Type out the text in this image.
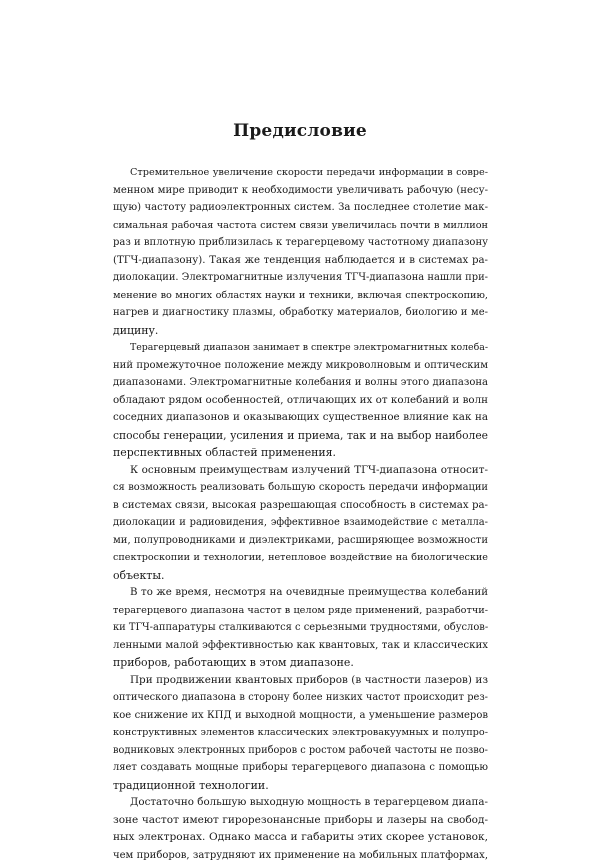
Предисловие
Стремительное увеличение скорости передачи информации в совре-
менном мире приводит к необходимости увеличивать рабочую (несу-
щую) частоту радиоэлектронных систем. За последнее столетие мак-
симальная рабочая частота систем связи увеличилась почти в миллион
раз и вплотную приблизилась к терагерцевому частотному диапазону
(ТГЧ-диапазону). Такая же тенденция наблюдается и в системах ра-
диолокации. Электромагнитные излучения ТГЧ-диапазона нашли при-
менение во многих областях науки и техники, включая спектроскопию,
нагрев и диагностику плазмы, обработку материалов, биологию и ме-
дицину.
Терагерцевый диапазон занимает в спектре электромагнитных колеба-
ний промежуточное положение между микроволновым и оптическим
диапазонами. Электромагнитные колебания и волны этого диапазона
обладают рядом особенностей, отличающих их от колебаний и волн
соседних диапазонов и оказывающих существенное влияние как на
способы генерации, усиления и приема, так и на выбор наиболее
перспективных областей применения.
К основным преимуществам излучений ТГЧ-диапазона относит-
ся возможность реализовать большую скорость передачи информации
в системах связи, высокая разрешающая способность в системах ра-
диолокации и радиовидения, эффективное взаимодействие с металла-
ми, полупроводниками и диэлектриками, расширяющее возможности
спектроскопии и технологии, нетепловое воздействие на биологические
объекты.
В то же время, несмотря на очевидные преимущества колебаний
терагерцевого диапазона частот в целом ряде применений, разработчи-
ки ТГЧ-аппаратуры сталкиваются с серьезными трудностями, обуслов-
ленными малой эффективностью как квантовых, так и классических
приборов, работающих в этом диапазоне.
При продвижении квантовых приборов (в частности лазеров) из
оптического диапазона в сторону более низких частот происходит рез-
кое снижение их КПД и выходной мощности, а уменьшение размеров
конструктивных элементов классических электровакуумных и полупро-
водниковых электронных приборов с ростом рабочей частоты не позво-
ляет создавать мощные приборы терагерцевого диапазона с помощью
традиционной технологии.
Достаточно большую выходную мощность в терагерцевом диапа-
зоне частот имеют гирорезонансные приборы и лазеры на свобод-
ных электронах. Однако масса и габариты этих скорее установок,
чем приборов, затрудняют их применение на мобильных платформах,
